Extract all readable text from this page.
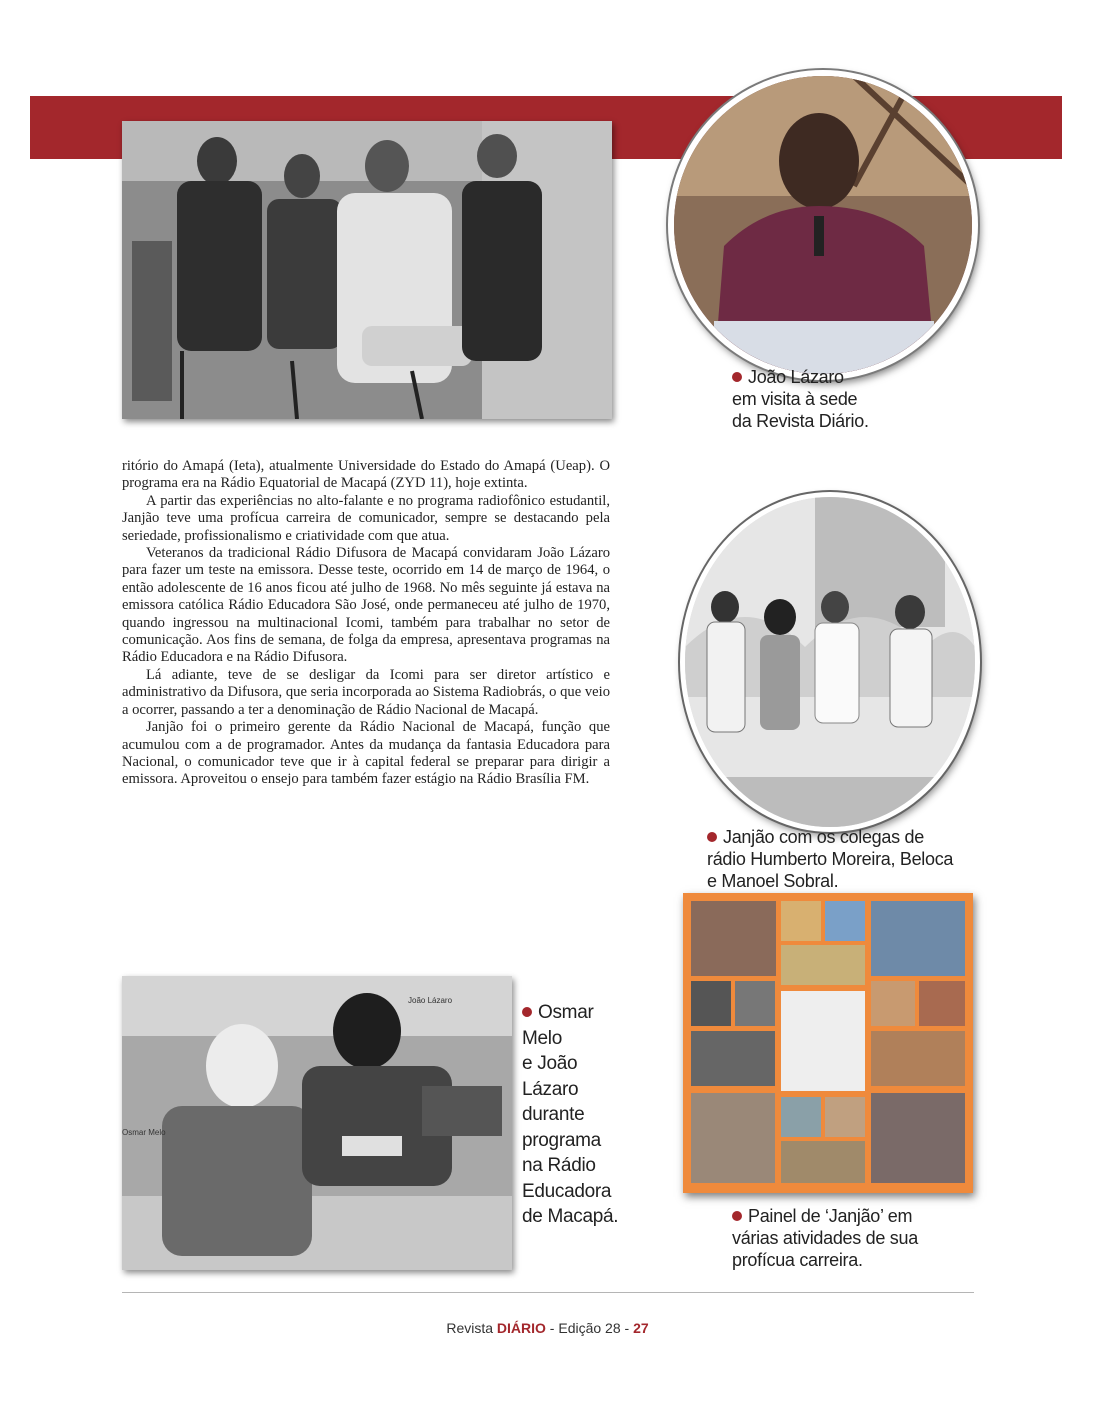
João Lázaro
em visita à sede
da Revista Diário.

ritório do Amapá (Ieta), atualmente Universidade do Estado do Amapá (Ueap). O programa era na Rádio Equatorial de Macapá (ZYD 11), hoje extinta.

A partir das experiências no alto-falante e no programa radiofônico estudantil, Janjão teve uma profícua carreira de comunicador, sempre se destacando pela seriedade, profissionalismo e criatividade com que atua.

Veteranos da tradicional Rádio Difusora de Macapá convidaram João Lázaro para fazer um teste na emissora. Desse teste, ocorrido em 14 de março de 1964, o então adolescente de 16 anos ficou até julho de 1968. No mês seguinte já estava na emissora católica Rádio Educadora São José, onde permaneceu até julho de 1970, quando ingressou na multinacional Icomi, também para trabalhar no setor de comunicação. Aos fins de semana, de folga da empresa, apresentava programas na Rádio Educadora e na Rádio Difusora.

Lá adiante, teve de se desligar da Icomi para ser diretor artístico e administrativo da Difusora, que seria incorporada ao Sistema Radiobrás, o que veio a ocorrer, passando a ter a denominação de Rádio Nacional de Macapá.

Janjão foi o primeiro gerente da Rádio Nacional de Macapá, função que acumulou com a de programador. Antes da mudança da fantasia Educadora para Nacional, o comunicador teve que ir à capital federal se preparar para dirigir a emissora. Aproveitou o ensejo para também fazer estágio na Rádio Brasília FM.

Janjão com os colegas de
rádio Humberto Moreira, Beloca
e Manoel Sobral.
Painel de ‘Janjão’ em
várias atividades de sua
profícua carreira.
João Lázaro
Osmar Melo
Osmar
Melo
e João
Lázaro
durante
programa
na Rádio
Educadora
de Macapá.
Revista DIÁRIO - Edição 28 - 27
